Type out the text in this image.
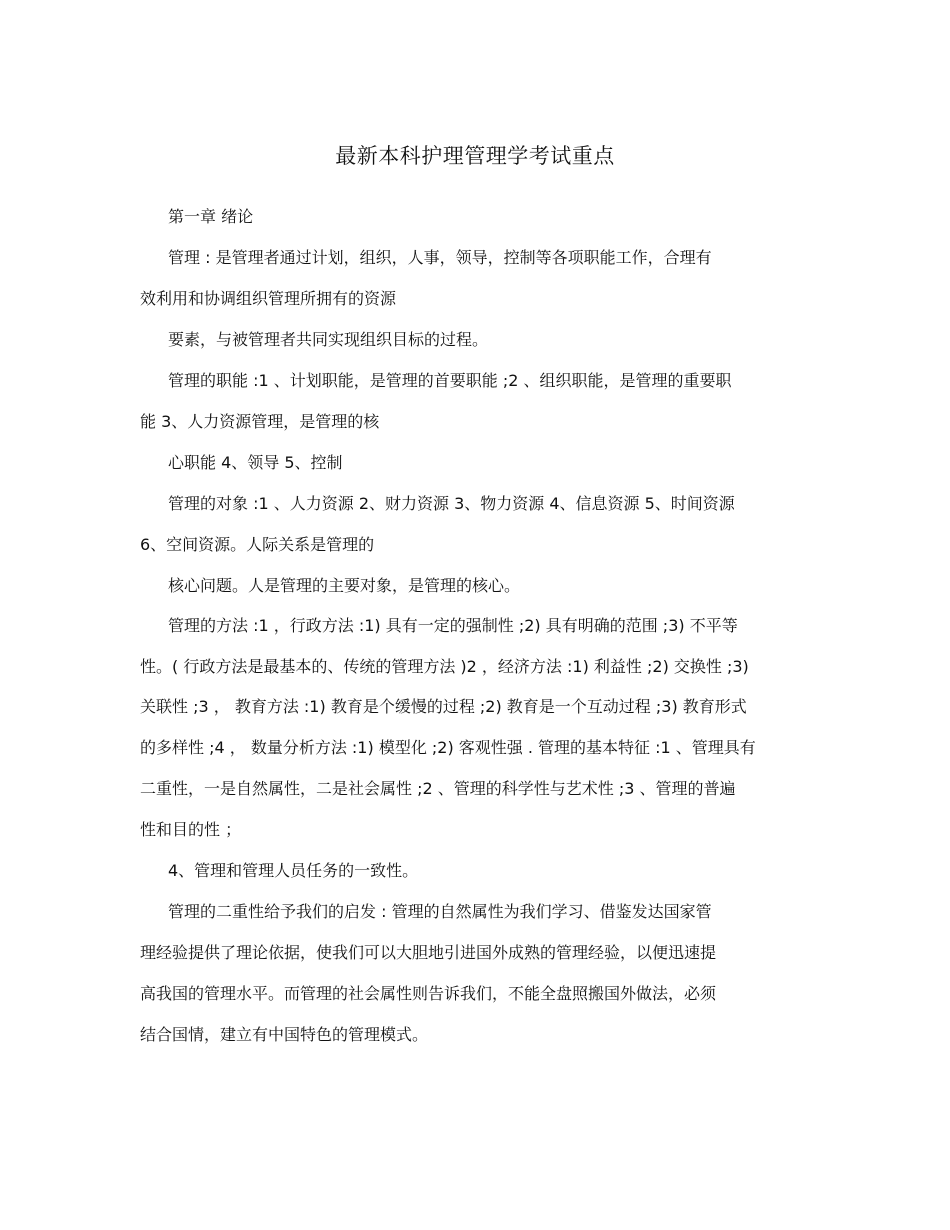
最新本科护理管理学考试重点
第一章 绪论
管理 : 是管理者通过计划，组织，人事，领导，控制等各项职能工作，合理有
效利用和协调组织管理所拥有的资源
要素，与被管理者共同实现组织目标的过程。
管理的职能 :1 、计划职能，是管理的首要职能 ;2 、组织职能，是管理的重要职
能 3、人力资源管理，是管理的核
心职能 4、领导 5、控制
管理的对象 :1 、人力资源 2、财力资源 3、物力资源 4、信息资源 5、时间资源
6、空间资源。人际关系是管理的
核心问题。人是管理的主要对象，是管理的核心。
管理的方法 :1 ，行政方法 :1) 具有一定的强制性 ;2) 具有明确的范围 ;3) 不平等
性。( 行政方法是最基本的、传统的管理方法 )2 ，经济方法 :1) 利益性 ;2) 交换性 ;3)
关联性 ;3 ， 教育方法 :1) 教育是个缓慢的过程 ;2) 教育是一个互动过程 ;3) 教育形式
的多样性 ;4 ， 数量分析方法 :1) 模型化 ;2) 客观性强 . 管理的基本特征 :1 、管理具有
二重性，一是自然属性，二是社会属性 ;2 、管理的科学性与艺术性 ;3 、管理的普遍
性和目的性 ；
4、管理和管理人员任务的一致性。
管理的二重性给予我们的启发 : 管理的自然属性为我们学习、借鉴发达国家管
理经验提供了理论依据，使我们可以大胆地引进国外成熟的管理经验，以便迅速提
高我国的管理水平。而管理的社会属性则告诉我们，不能全盘照搬国外做法，必须
结合国情，建立有中国特色的管理模式。
